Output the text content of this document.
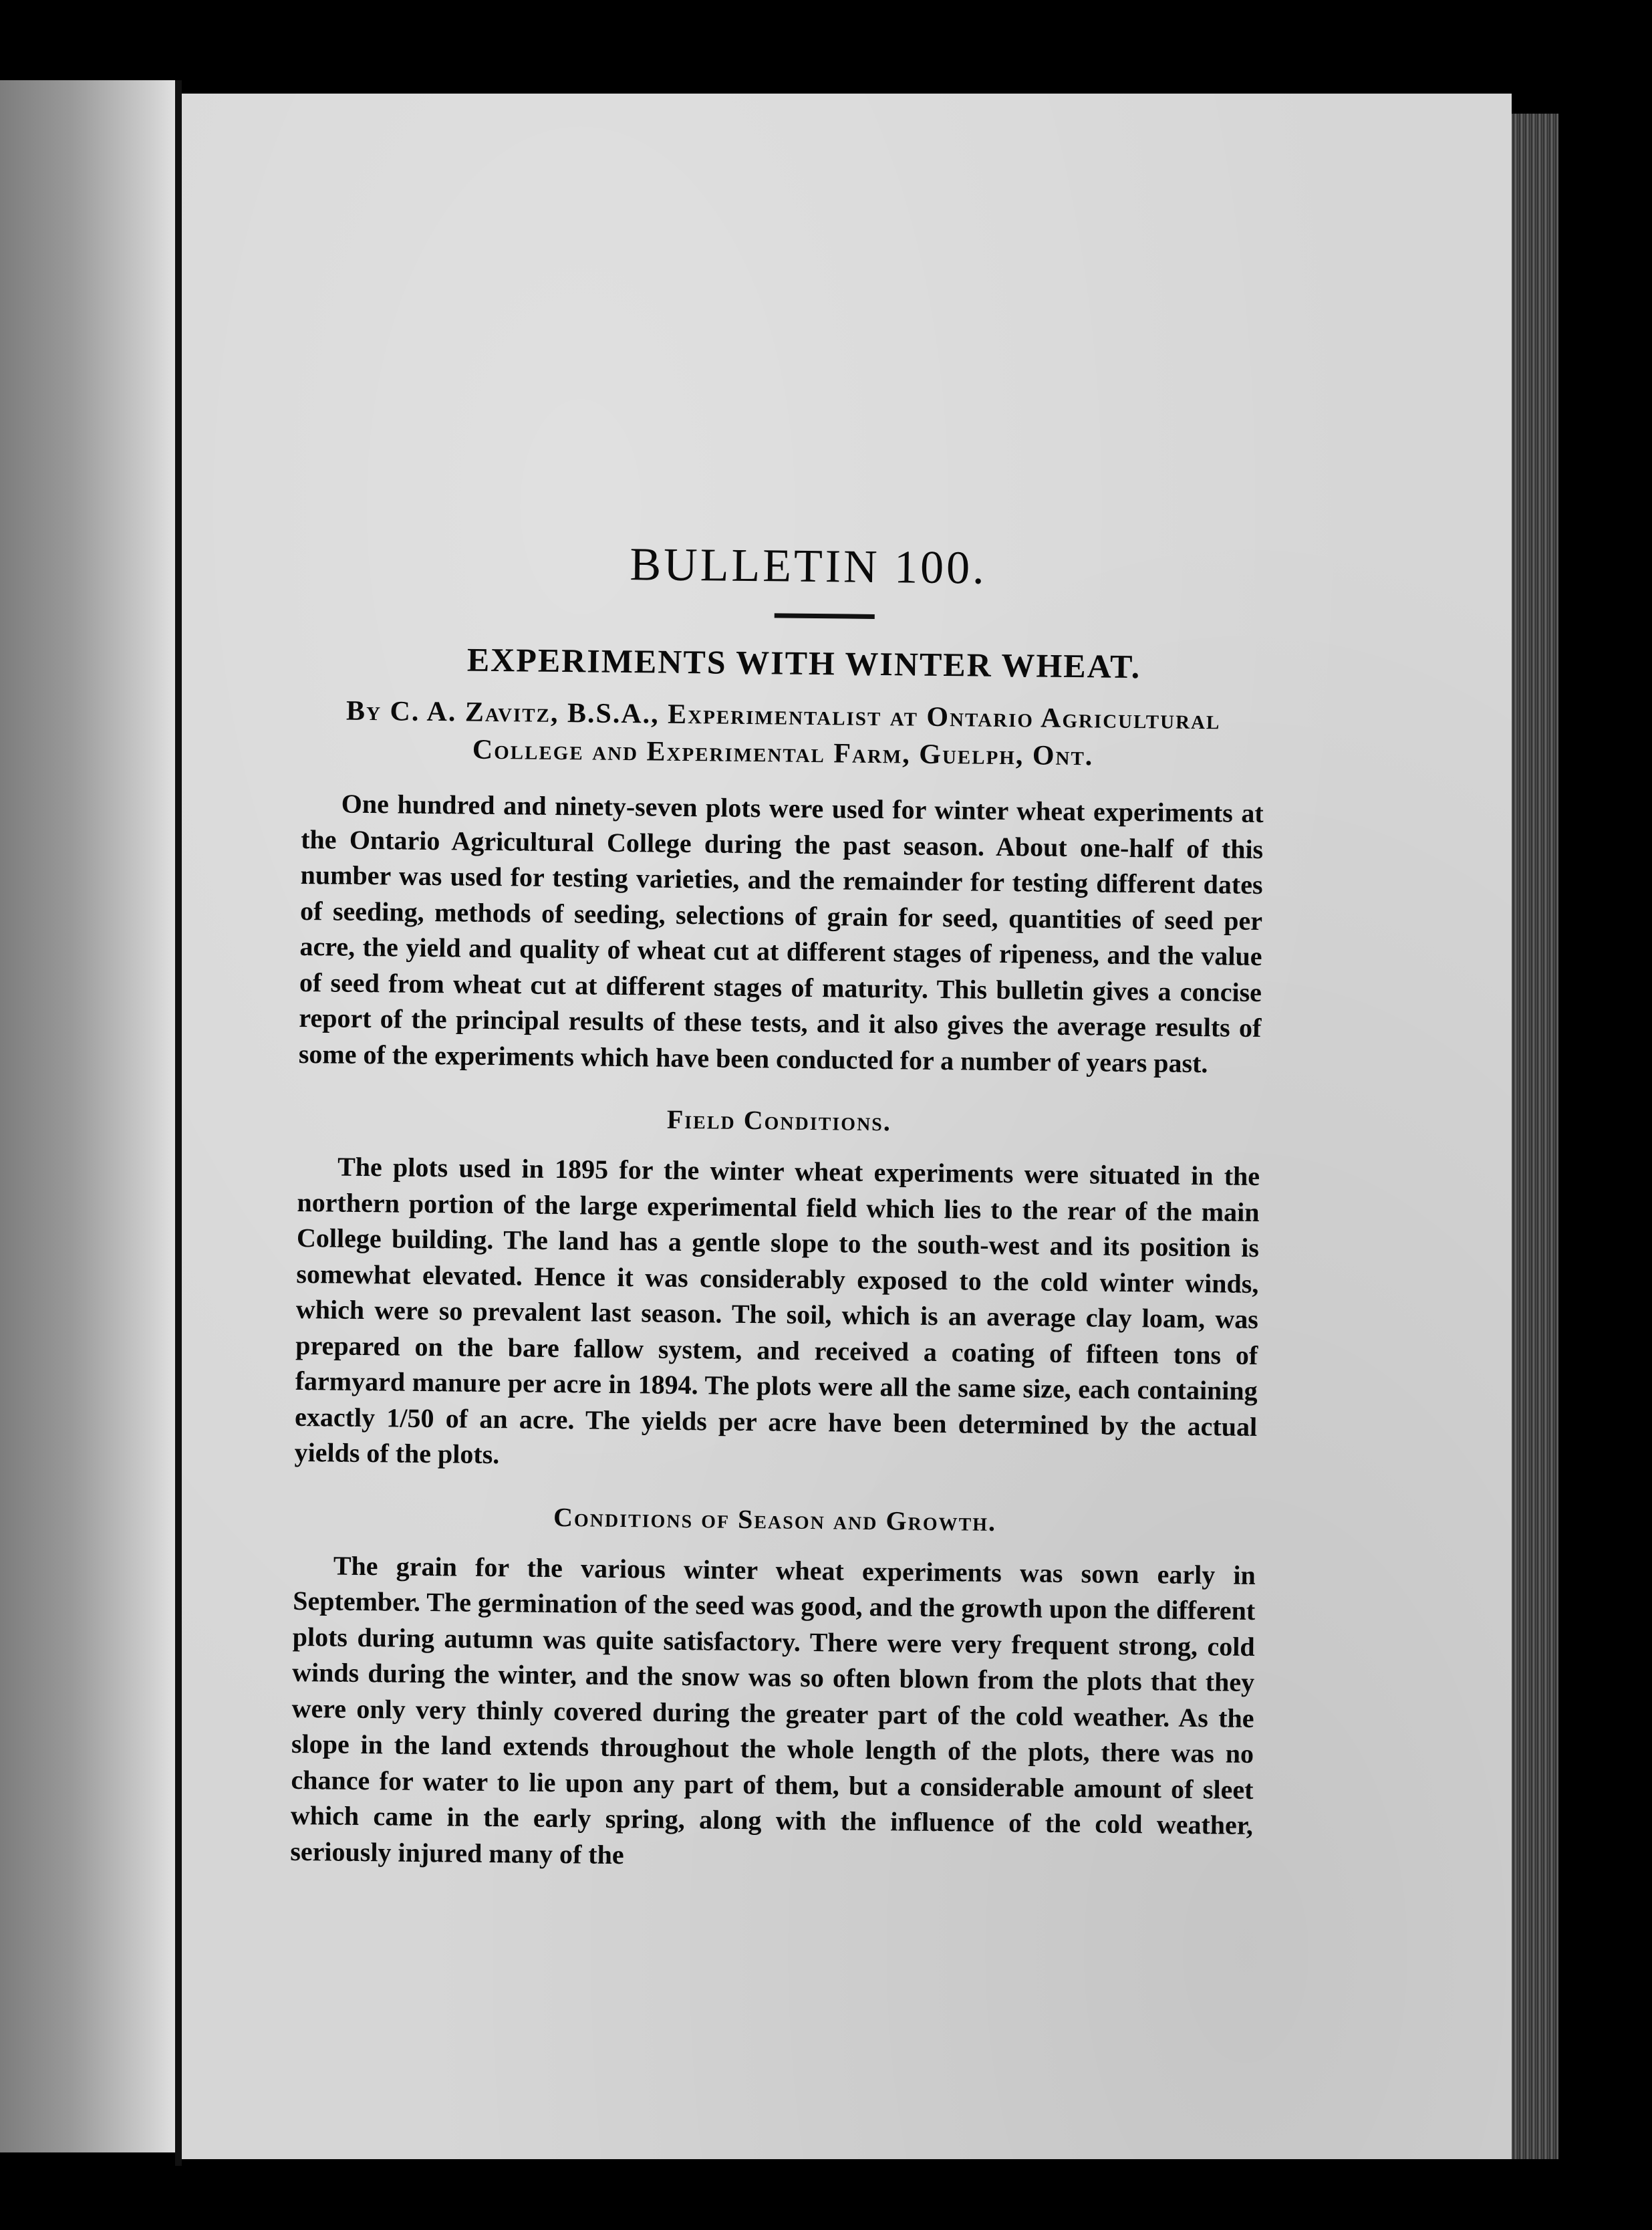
BULLETIN 100.
EXPERIMENTS WITH WINTER WHEAT.
By C. A. Zavitz, B.S.A., Experimentalist at Ontario Agricultural College and Experimental Farm, Guelph, Ont.

One hundred and ninety-seven plots were used for winter wheat experiments at the Ontario Agricultural College during the past season. About one-half of this number was used for testing varieties, and the remainder for testing different dates of seeding, methods of seeding, selections of grain for seed, quantities of seed per acre, the yield and quality of wheat cut at different stages of ripeness, and the value of seed from wheat cut at different stages of maturity. This bulletin gives a concise report of the principal results of these tests, and it also gives the average results of some of the experiments which have been conducted for a number of years past.

Field Conditions.

The plots used in 1895 for the winter wheat experiments were situated in the northern portion of the large experimental field which lies to the rear of the main College building. The land has a gentle slope to the south-west and its position is somewhat elevated. Hence it was considerably exposed to the cold winter winds, which were so prevalent last season. The soil, which is an average clay loam, was prepared on the bare fallow system, and received a coating of fifteen tons of farmyard manure per acre in 1894. The plots were all the same size, each containing exactly 1/50 of an acre. The yields per acre have been determined by the actual yields of the plots.

Conditions of Season and Growth.

The grain for the various winter wheat experiments was sown early in September. The germination of the seed was good, and the growth upon the different plots during autumn was quite satisfactory. There were very frequent strong, cold winds during the winter, and the snow was so often blown from the plots that they were only very thinly covered during the greater part of the cold weather. As the slope in the land extends throughout the whole length of the plots, there was no chance for water to lie upon any part of them, but a considerable amount of sleet which came in the early spring, along with the influence of the cold weather, seriously injured many of the
